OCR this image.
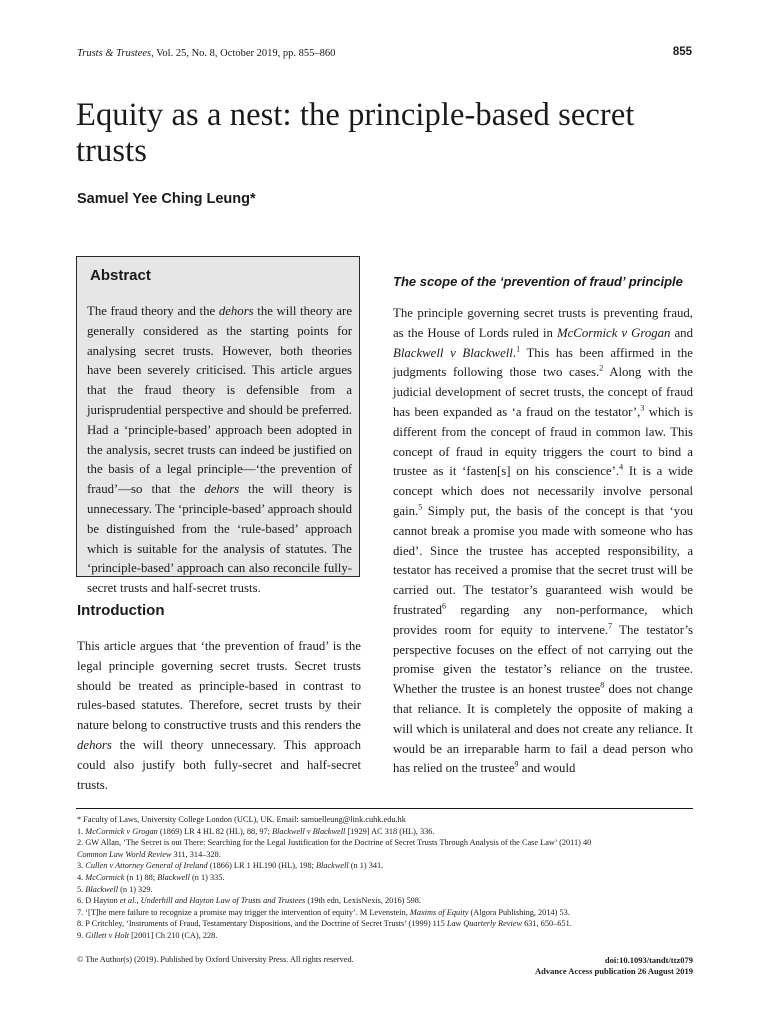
Trusts & Trustees, Vol. 25, No. 8, October 2019, pp. 855–860	855
Equity as a nest: the principle-based secret trusts
Samuel Yee Ching Leung*
Abstract

The fraud theory and the dehors the will theory are generally considered as the starting points for analysing secret trusts. However, both theories have been severely criticised. This article argues that the fraud theory is defensible from a jurisprudential perspective and should be preferred. Had a ‘principle-based’ approach been adopted in the analysis, secret trusts can indeed be justified on the basis of a legal principle—‘the prevention of fraud’—so that the dehors the will theory is unnecessary. The ‘principle-based’ approach should be distinguished from the ‘rule-based’ approach which is suitable for the analysis of statutes. The ‘principle-based’ approach can also reconcile fully-secret trusts and half-secret trusts.

Introduction

This article argues that ‘the prevention of fraud’ is the legal principle governing secret trusts. Secret trusts should be treated as principle-based in contrast to rules-based statutes. Therefore, secret trusts by their nature belong to constructive trusts and this renders the dehors the will theory unnecessary. This approach could also justify both fully-secret and half-secret trusts.

The scope of the ‘prevention of fraud’ principle

The principle governing secret trusts is preventing fraud, as the House of Lords ruled in McCormick v Grogan and Blackwell v Blackwell.$^1$ This has been affirmed in the judgments following those two cases.$^2$ Along with the judicial development of secret trusts, the concept of fraud has been expanded as ‘a fraud on the testator’,$^3$ which is different from the concept of fraud in common law. This concept of fraud in equity triggers the court to bind a trustee as it ‘fasten[s] on his conscience’.$^4$ It is a wide concept which does not necessarily involve personal gain.$^5$ Simply put, the basis of the concept is that ‘you cannot break a promise you made with someone who has died’. Since the trustee has accepted responsibility, a testator has received a promise that the secret trust will be carried out. The testator’s guaranteed wish would be frustrated$^6$ regarding any non-performance, which provides room for equity to intervene.$^7$ The testator’s perspective focuses on the effect of not carrying out the promise given the testator’s reliance on the trustee. Whether the trustee is an honest trustee$^8$ does not change that reliance. It is completely the opposite of making a will which is unilateral and does not create any reliance. It would be an irreparable harm to fail a dead person who has relied on the trustee$^9$ and would

* Faculty of Laws, University College London (UCL), UK. Email: samuelleung@link.cuhk.edu.hk

1. McCormick v Grogan (1869) LR 4 HL 82 (HL), 88, 97; Blackwell v Blackwell [1929] AC 318 (HL), 336.

2. GW Allan, ‘The Secret is out There: Searching for the Legal Justification for the Doctrine of Secret Trusts Through Analysis of the Case Law’ (2011) 40

Common Law World Review 311, 314–328.

3. Cullen v Attorney General of Ireland (1866) LR 1 HL190 (HL), 198; Blackwell (n 1) 341.

4. McCormick (n 1) 88; Blackwell (n 1) 335.

5. Blackwell (n 1) 329.

6. D Hayton et al., Underhill and Hayton Law of Trusts and Trustees (19th edn, LexisNexis, 2016) 598.

7. ‘[T]he mere failure to recognize a promise may trigger the intervention of equity’. M Levenstein, Maxims of Equity (Algora Publishing, 2014) 53.

8. P Critchley, ‘Instruments of Fraud, Testamentary Dispositions, and the Doctrine of Secret Trusts’ (1999) 115 Law Quarterly Review 631, 650–651.

9. Gillett v Holt [2001] Ch 210 (CA), 228.

© The Author(s) (2019). Published by Oxford University Press. All rights reserved.	doi:10.1093/tandt/ttz079
Advance Access publication 26 August 2019
